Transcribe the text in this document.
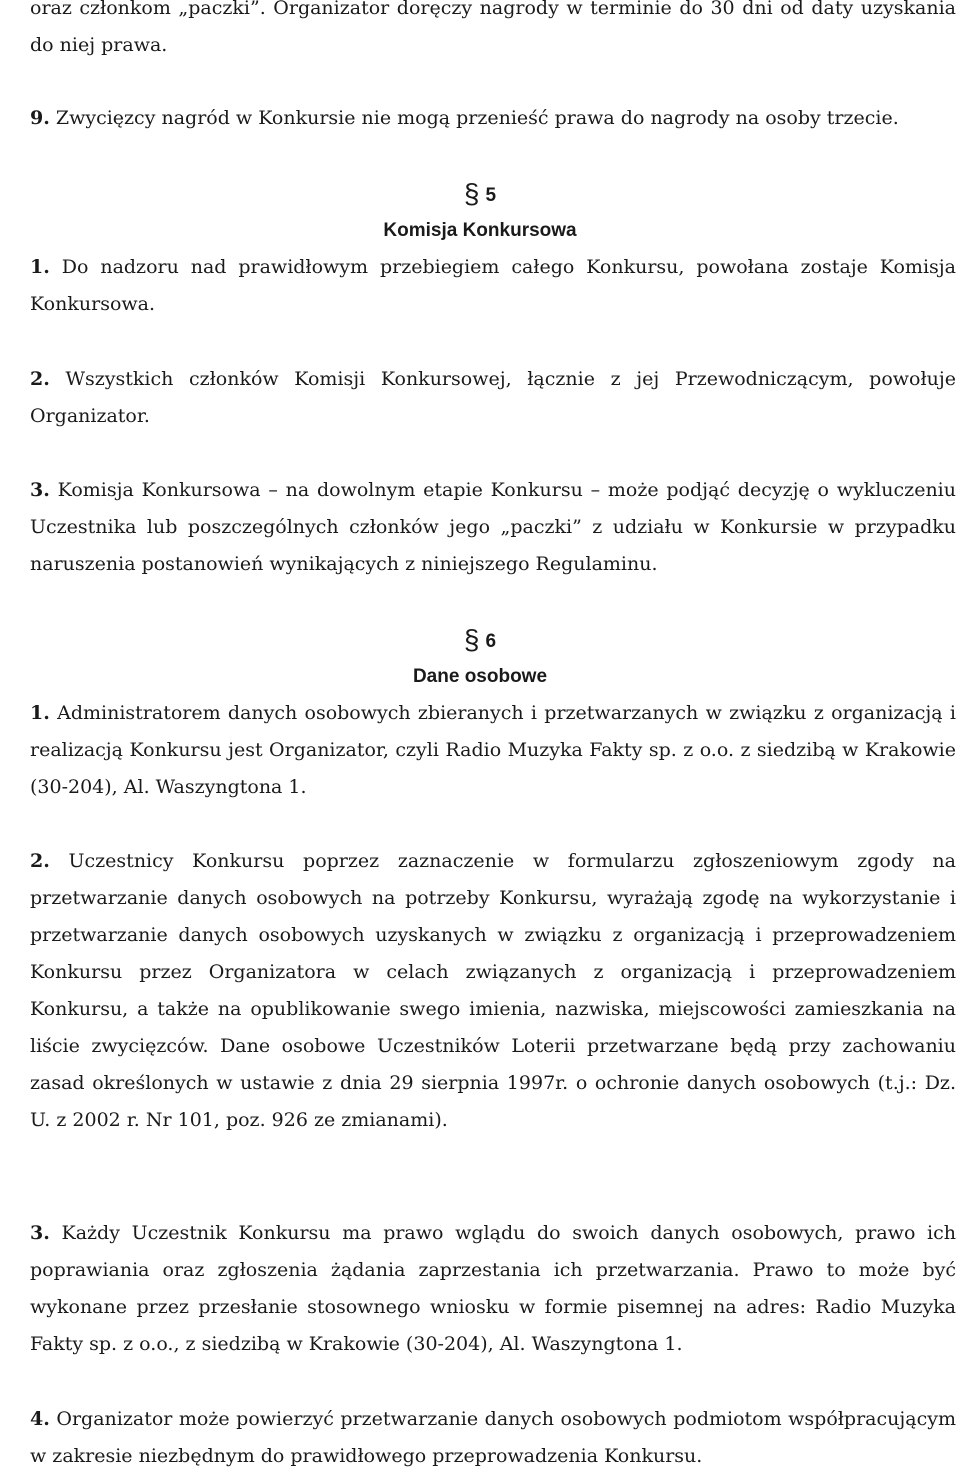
oraz członkom „paczki”. Organizator doręczy nagrody w terminie do 30 dni od daty uzyskania do niej prawa.

9. Zwycięzcy nagród w Konkursie nie mogą przenieść prawa do nagrody na osoby trzecie.

§ 5

Komisja Konkursowa

1. Do nadzoru nad prawidłowym przebiegiem całego Konkursu, powołana zostaje Komisja Konkursowa.

2. Wszystkich członków Komisji Konkursowej, łącznie z jej Przewodniczącym, powołuje Organizator.

3. Komisja Konkursowa – na dowolnym etapie Konkursu – może podjąć decyzję o wykluczeniu Uczestnika lub poszczególnych członków jego „paczki” z udziału w Konkursie w przypadku naruszenia postanowień wynikających z niniejszego Regulaminu.

§ 6

Dane osobowe

1. Administratorem danych osobowych zbieranych i przetwarzanych w związku z organizacją i realizacją Konkursu jest Organizator, czyli Radio Muzyka Fakty sp. z o.o. z siedzibą w Krakowie (30-204), Al. Waszyngtona 1.

2. Uczestnicy Konkursu poprzez zaznaczenie w formularzu zgłoszeniowym zgody na przetwarzanie danych osobowych na potrzeby Konkursu, wyrażają zgodę na wykorzystanie i przetwarzanie danych osobowych uzyskanych w związku z organizacją i przeprowadzeniem Konkursu przez Organizatora w celach związanych z organizacją i przeprowadzeniem Konkursu, a także na opublikowanie swego imienia, nazwiska, miejscowości zamieszkania na liście zwycięzców. Dane osobowe Uczestników Loterii przetwarzane będą przy zachowaniu zasad określonych w ustawie z dnia 29 sierpnia 1997r. o ochronie danych osobowych (t.j.: Dz. U. z 2002 r. Nr 101, poz. 926 ze zmianami).

3. Każdy Uczestnik Konkursu ma prawo wglądu do swoich danych osobowych, prawo ich poprawiania oraz zgłoszenia żądania zaprzestania ich przetwarzania. Prawo to może być wykonane przez przesłanie stosownego wniosku w formie pisemnej na adres: Radio Muzyka Fakty sp. z o.o., z siedzibą w Krakowie (30-204), Al. Waszyngtona 1.

4. Organizator może powierzyć przetwarzanie danych osobowych podmiotom współpracującym w zakresie niezbędnym do prawidłowego przeprowadzenia Konkursu.
